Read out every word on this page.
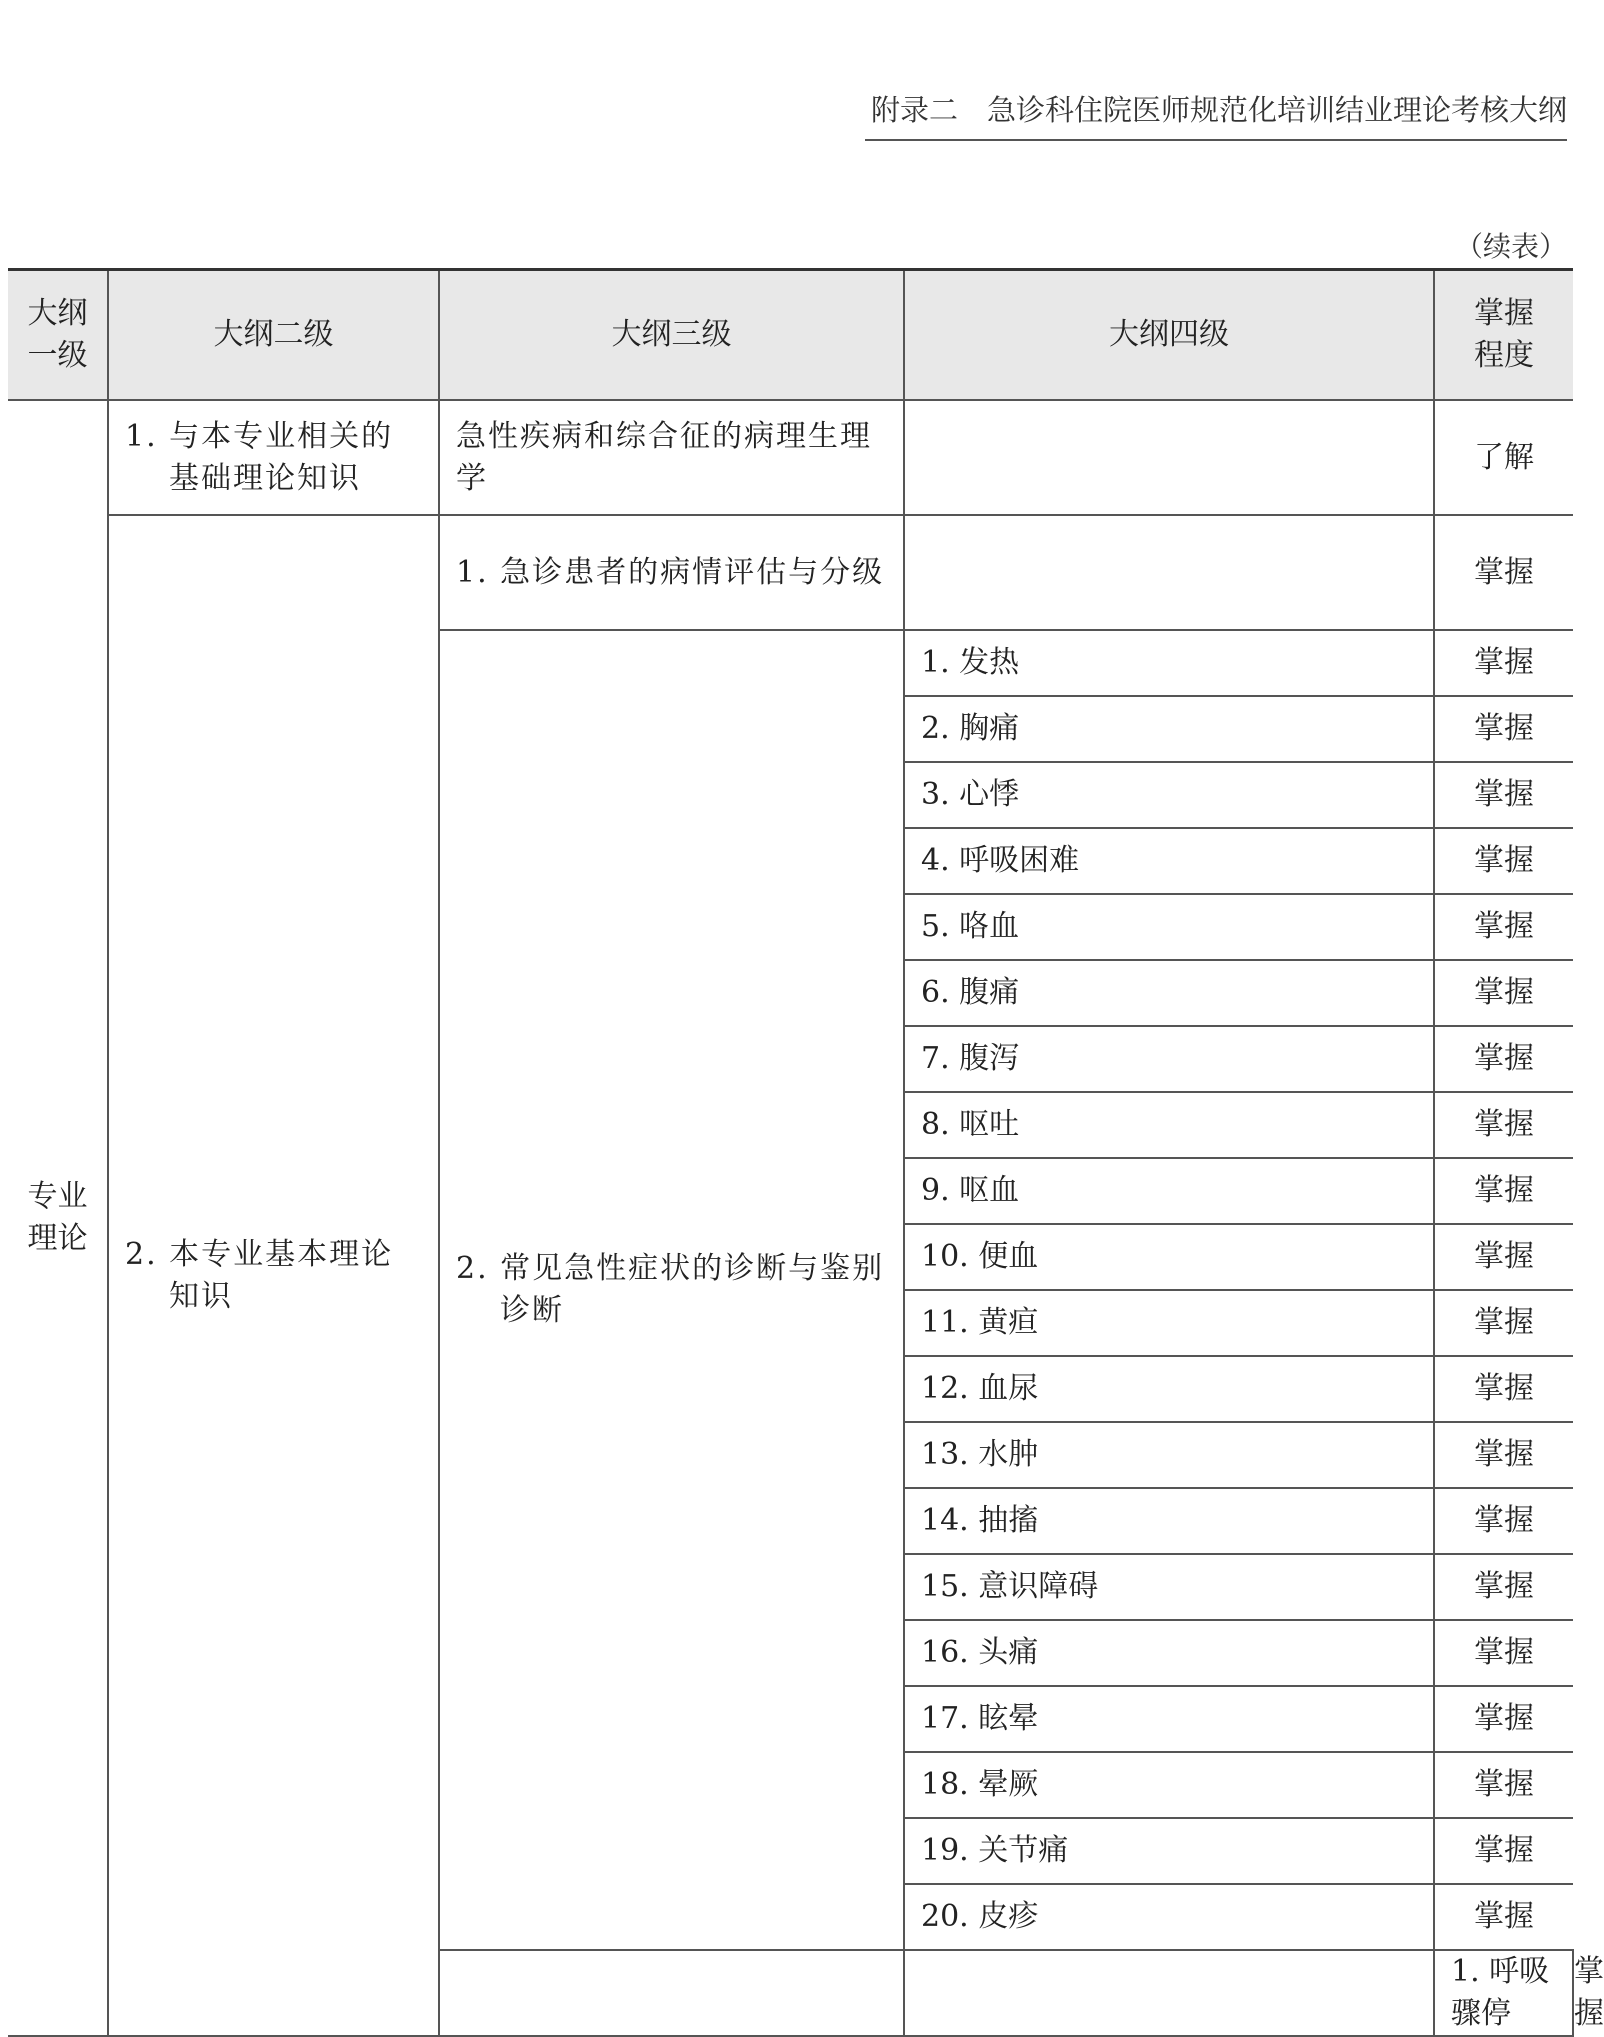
附录二　急诊科住院医师规范化培训结业理论考核大纲
（续表）
大纲
一级	大纲二级	大纲三级	大纲四级	掌握
程度	

专业
理论	1. 与本专业相关的基础理论知识	急性疾病和综合征的病理生理学		了解	

	2. 本专业基本理论知识	1. 急诊患者的病情评估与分级		掌握	

		2. 常见急性症状的诊断与鉴别诊断	1. 发热	掌握	
			2. 胸痛	掌握	
			3. 心悸	掌握	
			4. 呼吸困难	掌握	
			5. 咯血	掌握	
			6. 腹痛	掌握	
			7. 腹泻	掌握	
			8. 呕吐	掌握	
			9. 呕血	掌握	
			10. 便血	掌握	
			11. 黄疸	掌握	
			12. 血尿	掌握	
			13. 水肿	掌握	
			14. 抽搐	掌握	
			15. 意识障碍	掌握	
			16. 头痛	掌握	
			17. 眩晕	掌握	
			18. 晕厥	掌握	
			19. 关节痛	掌握	
			20. 皮疹	掌握	
				1. 呼吸骤停	掌握
